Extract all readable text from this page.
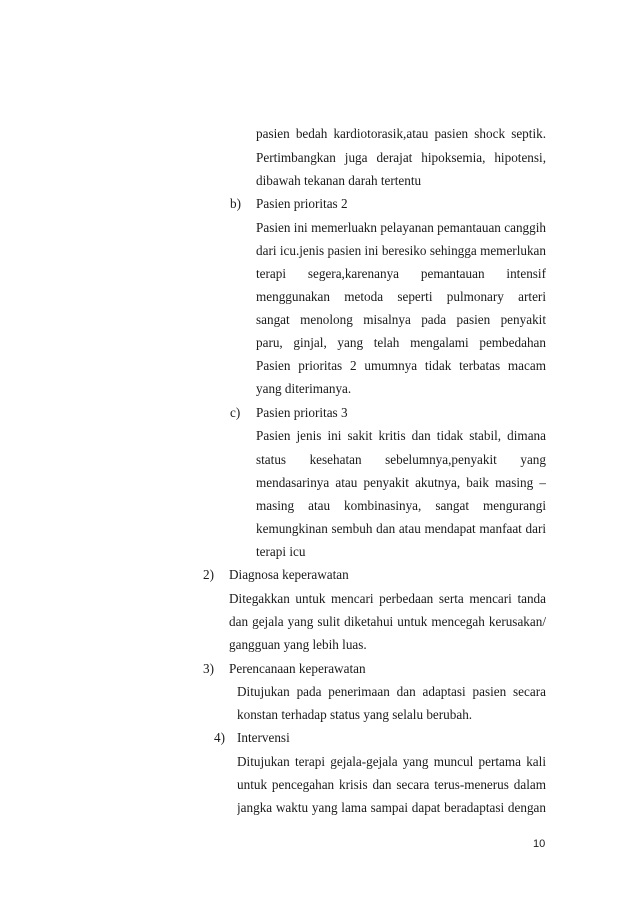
pasien bedah kardiotorasik,atau pasien shock septik.
Pertimbangkan juga derajat hipoksemia, hipotensi,
dibawah tekanan darah tertentu
b) Pasien prioritas 2
Pasien ini memerluakn pelayanan pemantauan canggih
dari icu.jenis pasien ini beresiko sehingga memerlukan
terapi segera,karenanya pemantauan intensif
menggunakan metoda seperti pulmonary arteri
sangat menolong misalnya pada pasien penyakit
paru, ginjal, yang telah mengalami pembedahan
Pasien prioritas 2 umumnya tidak terbatas macam
yang diterimanya.
c) Pasien prioritas 3
Pasien jenis ini sakit kritis dan tidak stabil, dimana
status kesehatan sebelumnya,penyakit yang
mendasarinya atau penyakit akutnya, baik masing –
masing atau kombinasinya, sangat mengurangi
kemungkinan sembuh dan atau mendapat manfaat dari
terapi icu
2) Diagnosa keperawatan
Ditegakkan untuk mencari perbedaan serta mencari tanda
dan gejala yang sulit diketahui untuk mencegah kerusakan/
gangguan yang lebih luas.
3) Perencanaan keperawatan
Ditujukan pada penerimaan dan adaptasi pasien secara
konstan terhadap status yang selalu berubah.
4) Intervensi
Ditujukan terapi gejala-gejala yang muncul pertama kali
untuk pencegahan krisis dan secara terus-menerus dalam
jangka waktu yang lama sampai dapat beradaptasi dengan
10
